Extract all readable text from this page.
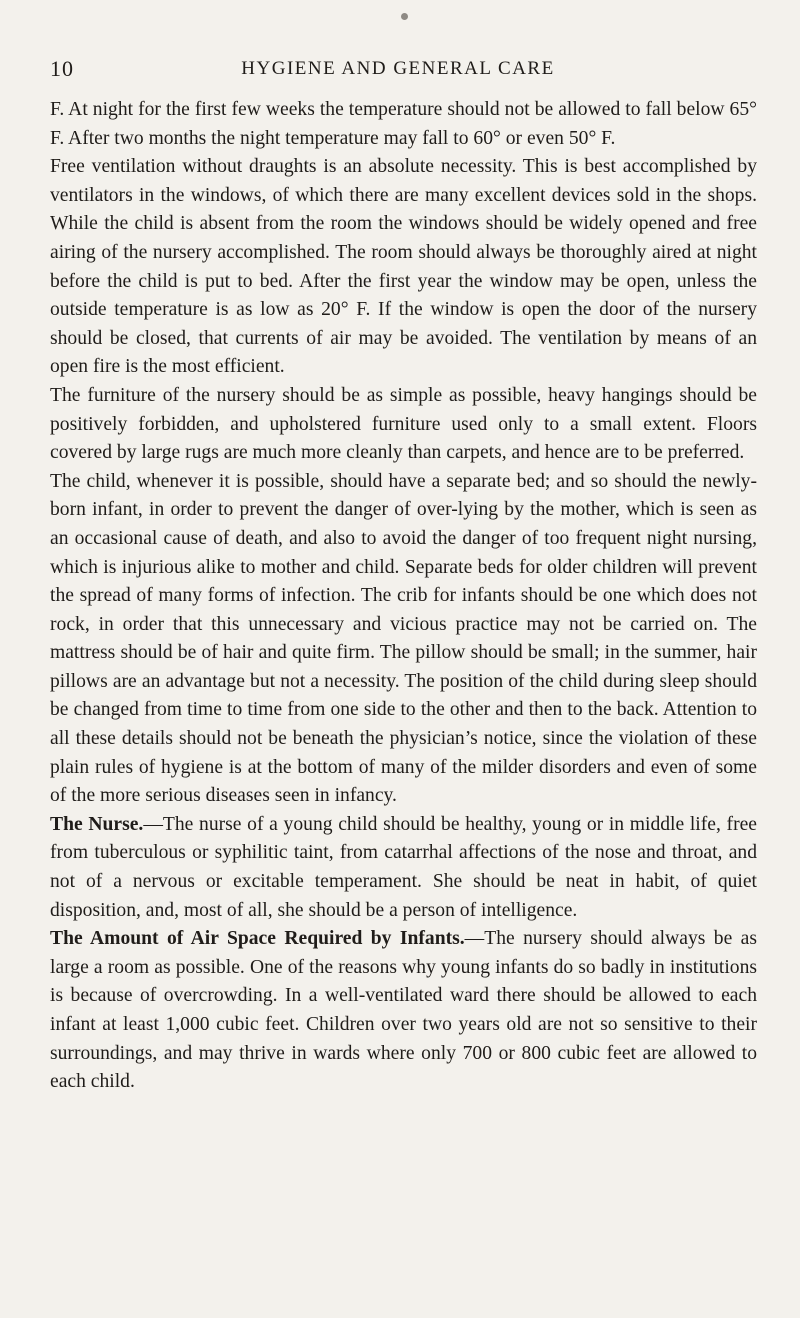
10	HYGIENE AND GENERAL CARE

F. At night for the first few weeks the temperature should not be allowed to fall below 65° F. After two months the night temperature may fall to 60° or even 50° F.

Free ventilation without draughts is an absolute necessity. This is best accomplished by ventilators in the windows, of which there are many excellent devices sold in the shops. While the child is absent from the room the windows should be widely opened and free airing of the nursery accomplished. The room should always be thoroughly aired at night before the child is put to bed. After the first year the window may be open, unless the outside temperature is as low as 20° F. If the window is open the door of the nursery should be closed, that currents of air may be avoided. The ventilation by means of an open fire is the most efficient.

The furniture of the nursery should be as simple as possible, heavy hangings should be positively forbidden, and upholstered furniture used only to a small extent. Floors covered by large rugs are much more cleanly than carpets, and hence are to be preferred.

The child, whenever it is possible, should have a separate bed; and so should the newly-born infant, in order to prevent the danger of over-lying by the mother, which is seen as an occasional cause of death, and also to avoid the danger of too frequent night nursing, which is injurious alike to mother and child. Separate beds for older children will prevent the spread of many forms of infection. The crib for infants should be one which does not rock, in order that this unnecessary and vicious practice may not be carried on. The mattress should be of hair and quite firm. The pillow should be small; in the summer, hair pillows are an advantage but not a necessity. The position of the child during sleep should be changed from time to time from one side to the other and then to the back. Attention to all these details should not be beneath the physician’s notice, since the violation of these plain rules of hygiene is at the bottom of many of the milder disorders and even of some of the more serious diseases seen in infancy.

The Nurse.—The nurse of a young child should be healthy, young or in middle life, free from tuberculous or syphilitic taint, from catarrhal affections of the nose and throat, and not of a nervous or excitable temperament. She should be neat in habit, of quiet disposition, and, most of all, she should be a person of intelligence.

The Amount of Air Space Required by Infants.—The nursery should always be as large a room as possible. One of the reasons why young infants do so badly in institutions is because of overcrowding. In a well-ventilated ward there should be allowed to each infant at least 1,000 cubic feet. Children over two years old are not so sensitive to their surroundings, and may thrive in wards where only 700 or 800 cubic feet are allowed to each child.
